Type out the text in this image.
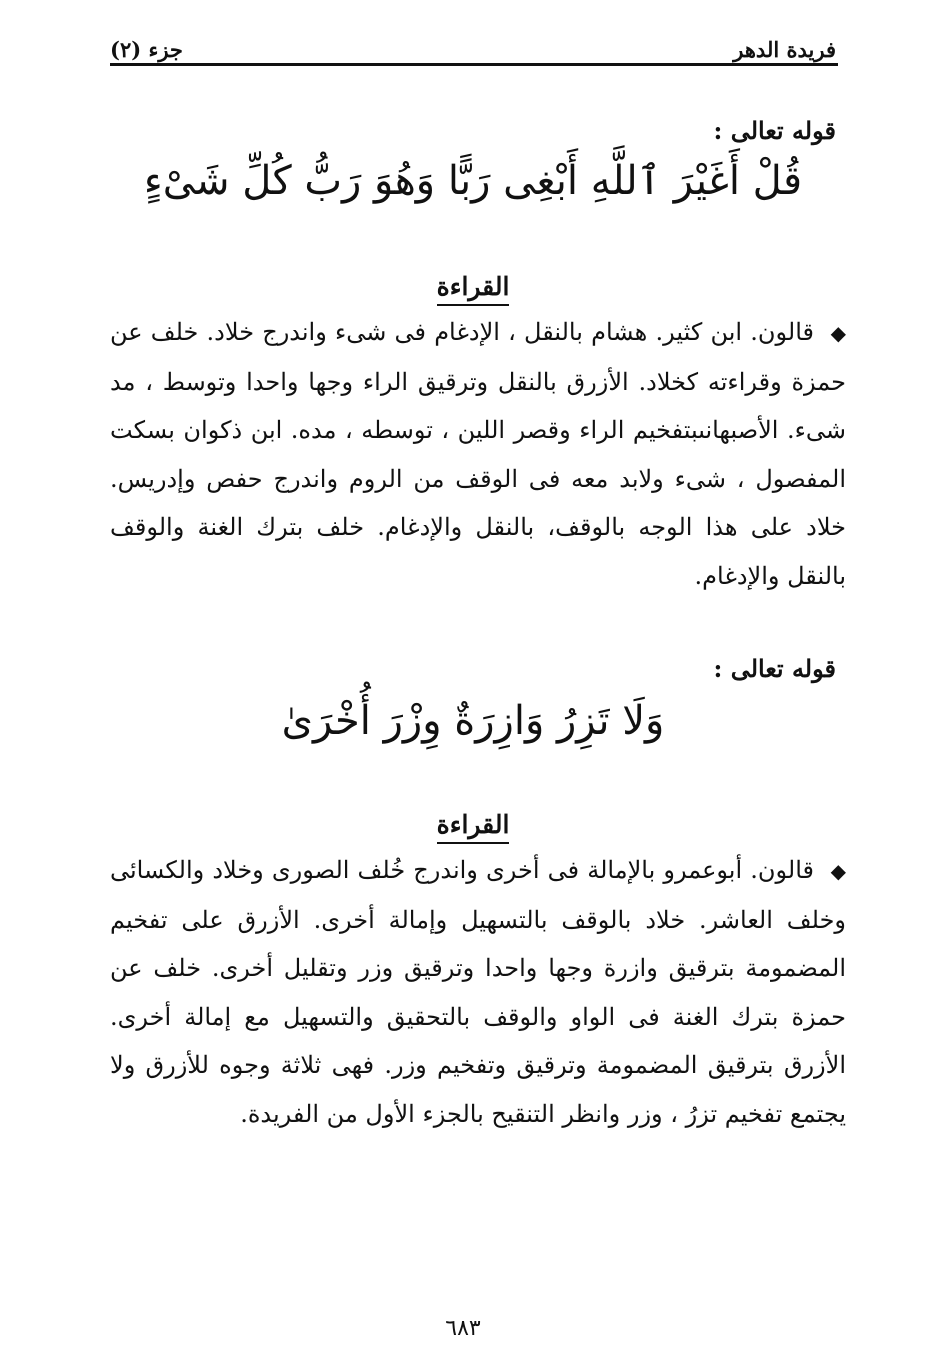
فريدة الدهر
جزء (٢)
قوله تعالى :
قُلْ أَغَيْرَ ٱللَّهِ أَبْغِى رَبًّا وَهُوَ رَبُّ كُلِّ شَىْءٍ
القراءة
◆قالون. ابن كثير. هشام بالنقل ، الإدغام فى شىء واندرج خلاد. خلف عن حمزة وقراءته كخلاد. الأزرق بالنقل وترقيق الراء وجها واحدا وتوسط ، مد شىء. الأصبهانىبتفخيم الراء وقصر اللين ، توسطه ، مده. ابن ذكوان بسكت المفصول ، شىء ولابد معه فى الوقف من الروم واندرج حفص وإدريس. خلاد على هذا الوجه بالوقف، بالنقل والإدغام. خلف بترك الغنة والوقف بالنقل والإدغام.
قوله تعالى :
وَلَا تَزِرُ وَازِرَةٌ وِزْرَ أُخْرَىٰ
القراءة
◆قالون. أبوعمرو بالإمالة فى أخرى واندرج خُلف الصورى وخلاد والكسائى وخلف العاشر. خلاد بالوقف بالتسهيل وإمالة أخرى. الأزرق على تفخيم المضمومة بترقيق وازرة وجها واحدا وترقيق وزر وتقليل أخرى. خلف عن حمزة بترك الغنة فى الواو والوقف بالتحقيق والتسهيل مع إمالة أخرى. الأزرق بترقيق المضمومة وترقيق وتفخيم وزر. فهى ثلاثة وجوه للأزرق ولا يجتمع تفخيم تزرُ ، وزر وانظر التنقيح بالجزء الأول من الفريدة.
٦٨٣
